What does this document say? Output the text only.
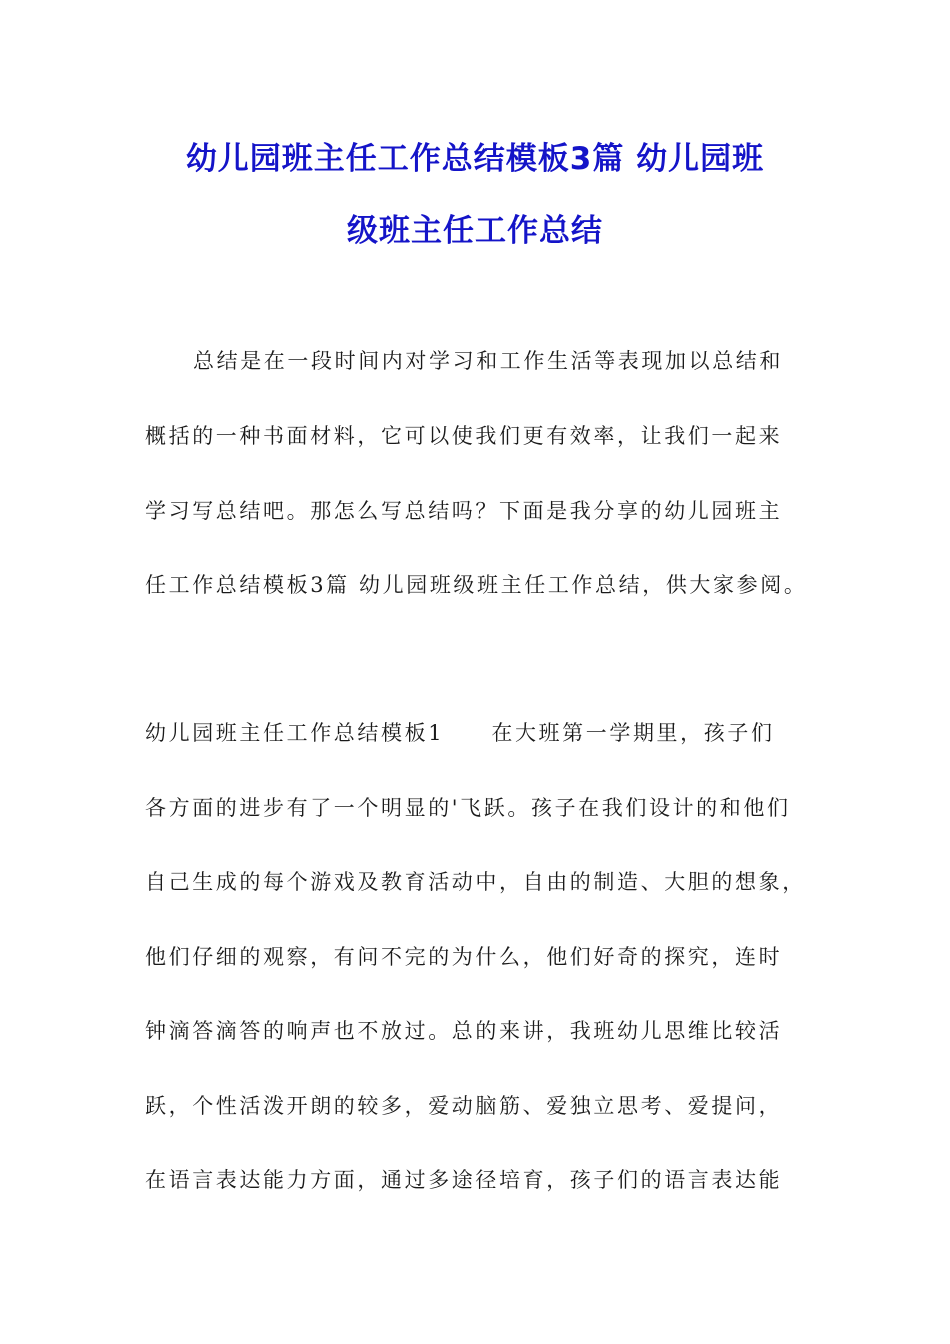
幼儿园班主任工作总结模板3篇 幼儿园班
级班主任工作总结
总结是在一段时间内对学习和工作生活等表现加以总结和
概括的一种书面材料，它可以使我们更有效率，让我们一起来
学习写总结吧。那怎么写总结吗？下面是我分享的幼儿园班主
任工作总结模板3篇 幼儿园班级班主任工作总结，供大家参阅。
幼儿园班主任工作总结模板1　　在大班第一学期里，孩子们
各方面的进步有了一个明显的'飞跃。孩子在我们设计的和他们
自己生成的每个游戏及教育活动中，自由的制造、大胆的想象，
他们仔细的观察，有问不完的为什么，他们好奇的探究，连时
钟滴答滴答的响声也不放过。总的来讲，我班幼儿思维比较活
跃，个性活泼开朗的较多，爱动脑筋、爱独立思考、爱提问，
在语言表达能力方面，通过多途径培育，孩子们的语言表达能
